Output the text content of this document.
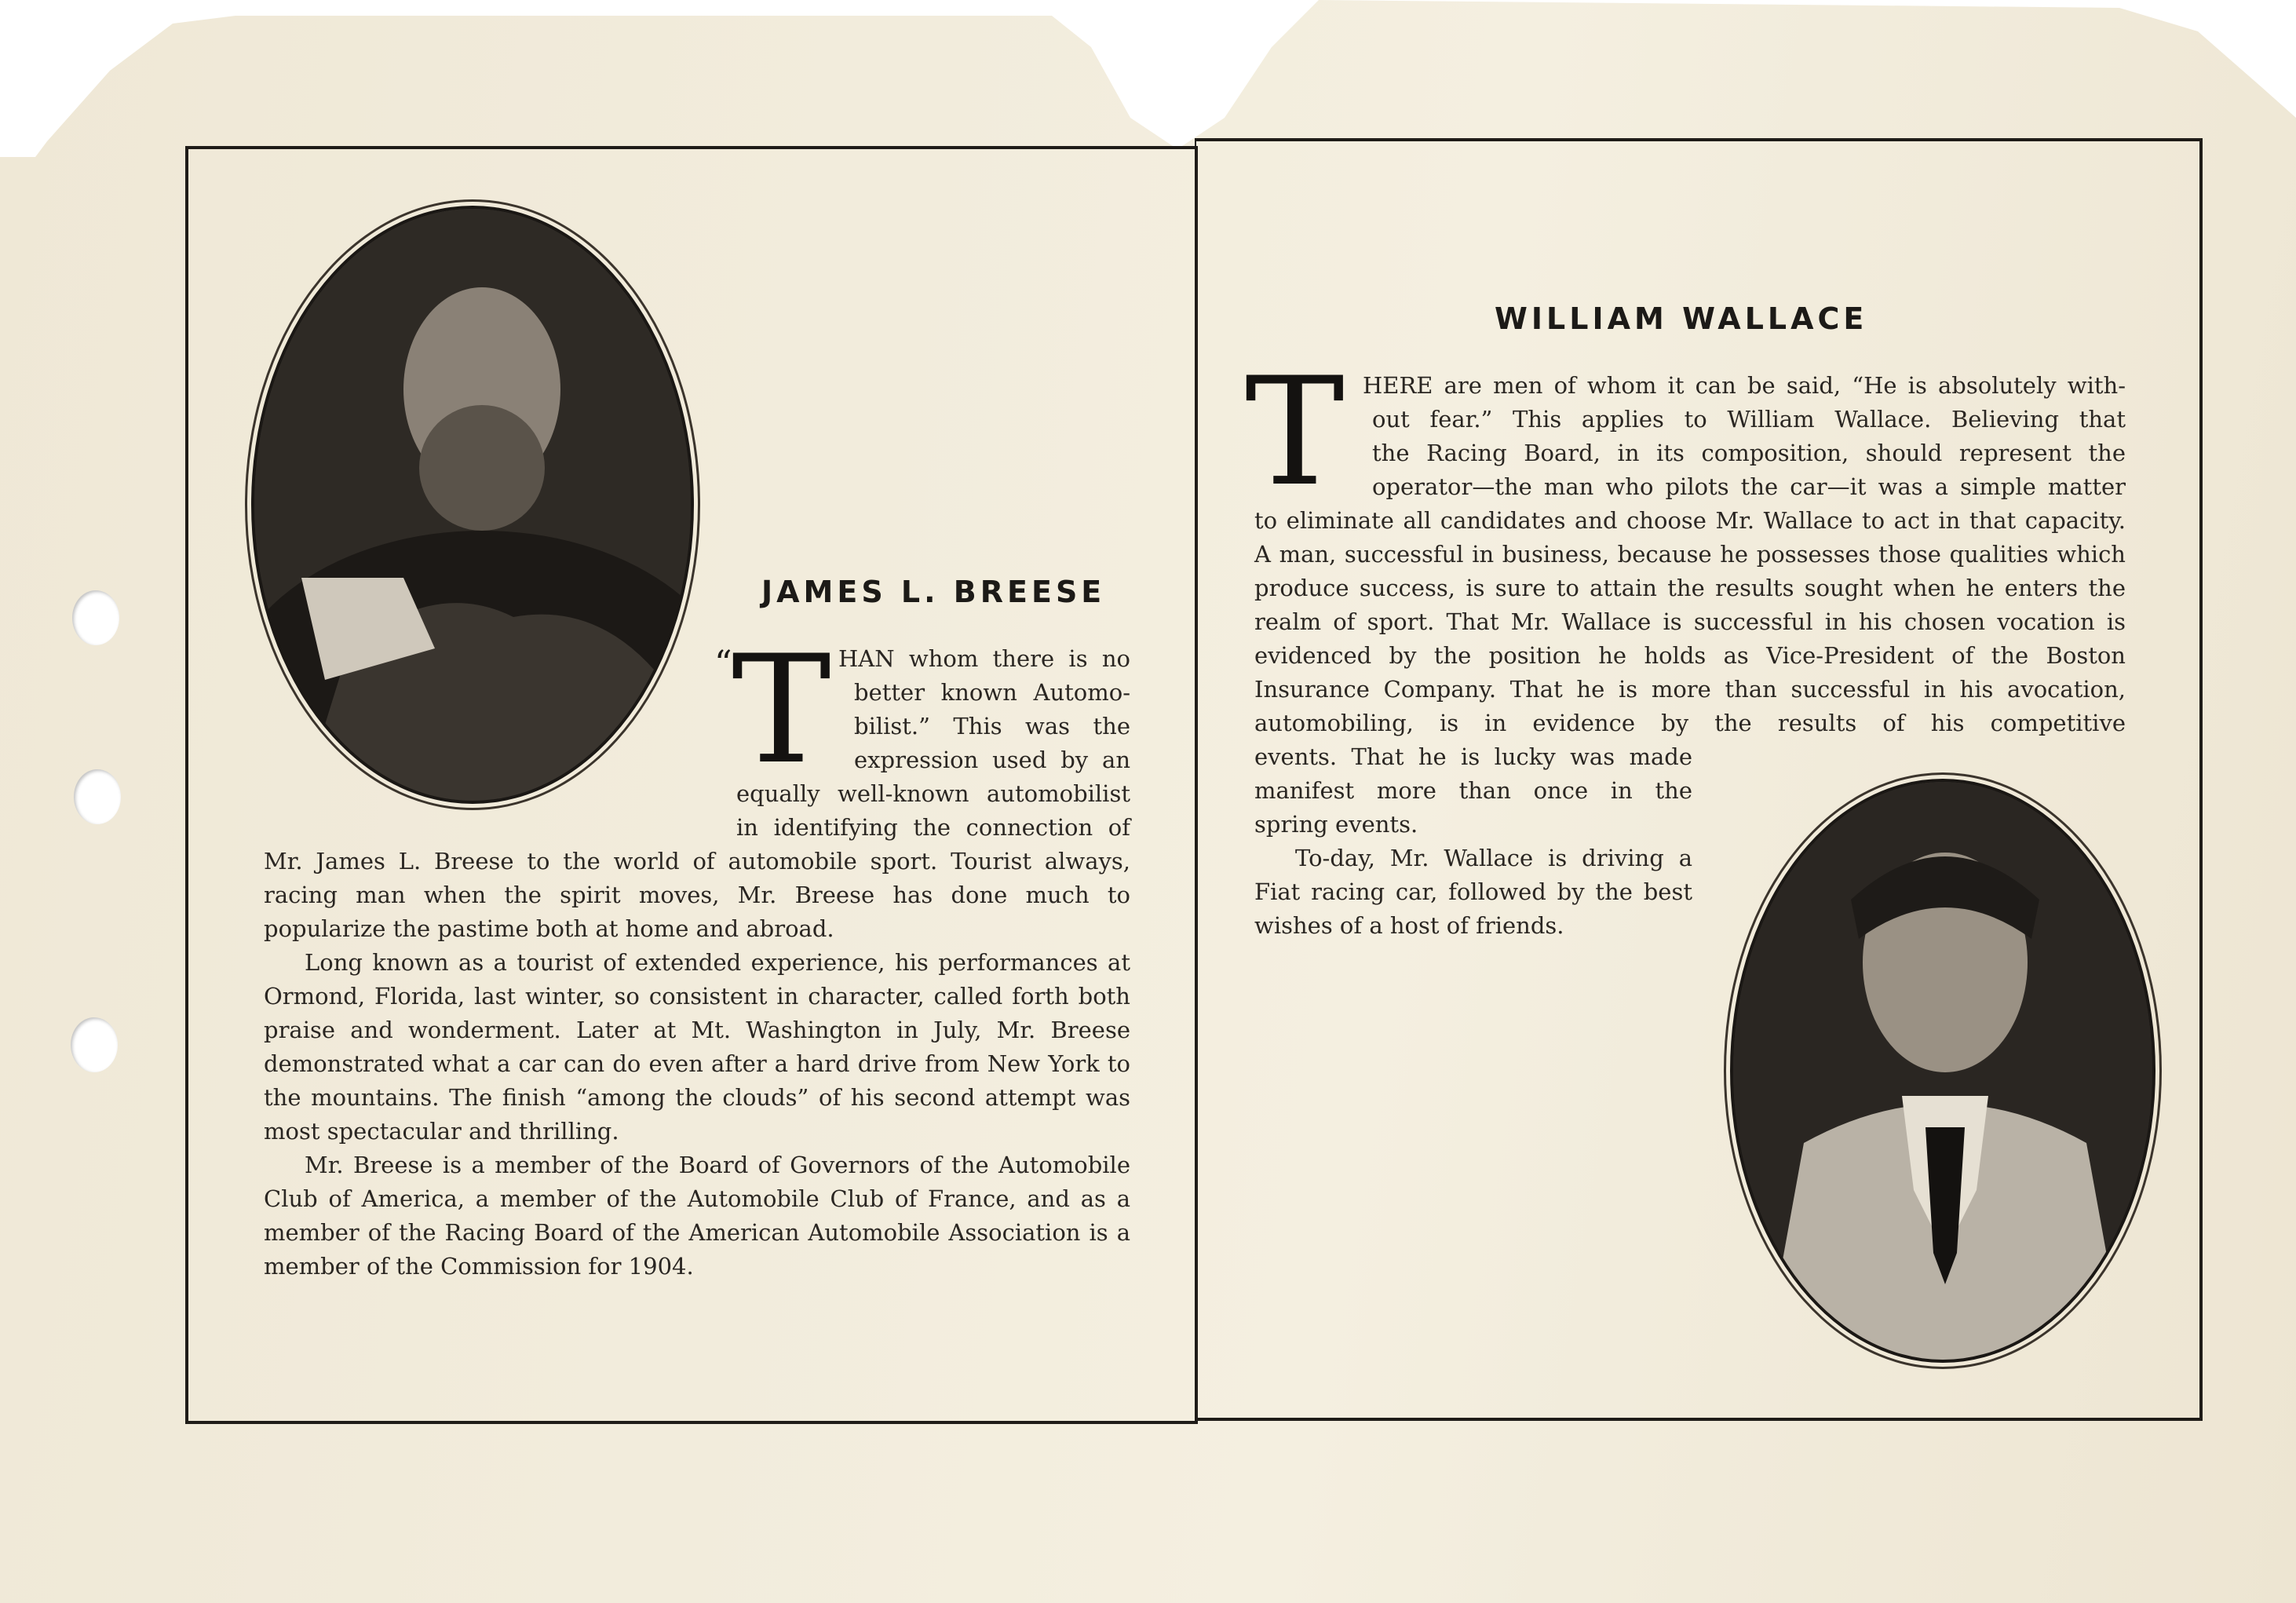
JAMES L. BREESE
“ T HAN whom there is no

better known Automo-

bilist.” This was the

expression used by an

equally well-known automobilist

in identifying the connection of

Mr. James L. Breese to the world of automobile sport. Tourist always, racing man when the spirit moves, Mr. Breese has done much to popularize the pastime both at home and abroad.

Long known as a tourist of extended experience, his performances at Ormond, Florida, last winter, so consistent in character, called forth both praise and wonderment. Later at Mt. Washington in July, Mr. Breese demonstrated what a car can do even after a hard drive from New York to the mountains. The finish “among the clouds” of his second attempt was most spectacular and thrilling.

Mr. Breese is a member of the Board of Governors of the Automobile Club of America, a member of the Automobile Club of France, and as a member of the Racing Board of the American Automobile Association is a member of the Commission for 1904.

WILLIAM WALLACE
T HERE are men of whom it can be said, “He is absolutely with-

out fear.” This applies to William Wallace. Believing that

the Racing Board, in its composition, should represent the

operator—the man who pilots the car—it was a simple matter

to eliminate all candidates and choose Mr. Wallace to act in that capacity. A man, successful in business, because he possesses those qualities which produce success, is sure to attain the results sought when he enters the realm of sport. That Mr. Wallace is successful in his chosen vocation is evidenced by the position he holds as Vice-President of the Boston Insurance Company. That he is more than successful in his avocation, automobiling, is in evidence by the results of his competitive

events. That he is lucky was made manifest more than once in the spring events.

To-day, Mr. Wallace is driving a Fiat racing car, followed by the best wishes of a host of friends.
